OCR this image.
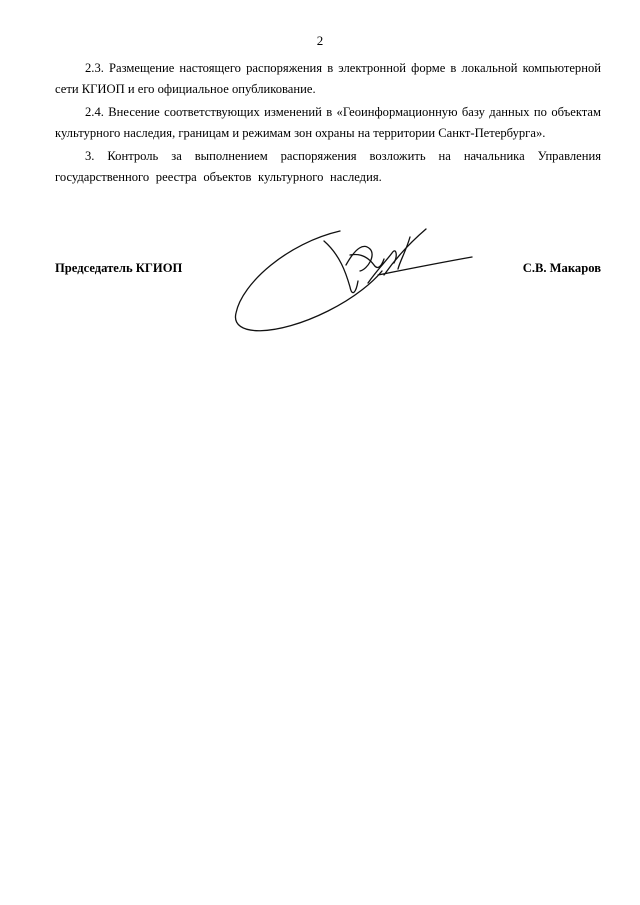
2

2.3. Размещение настоящего распоряжения в электронной форме в локальной компьютерной сети КГИОП и его официальное опубликование.

2.4. Внесение соответствующих изменений в «Геоинформационную базу данных по объектам культурного наследия, границам и режимам зон охраны на территории Санкт-Петербурга».

3. Контроль за выполнением распоряжения возложить на начальника Управления государственного реестра объектов культурного наследия.

Председатель КГИОП	С.В. Макаров
